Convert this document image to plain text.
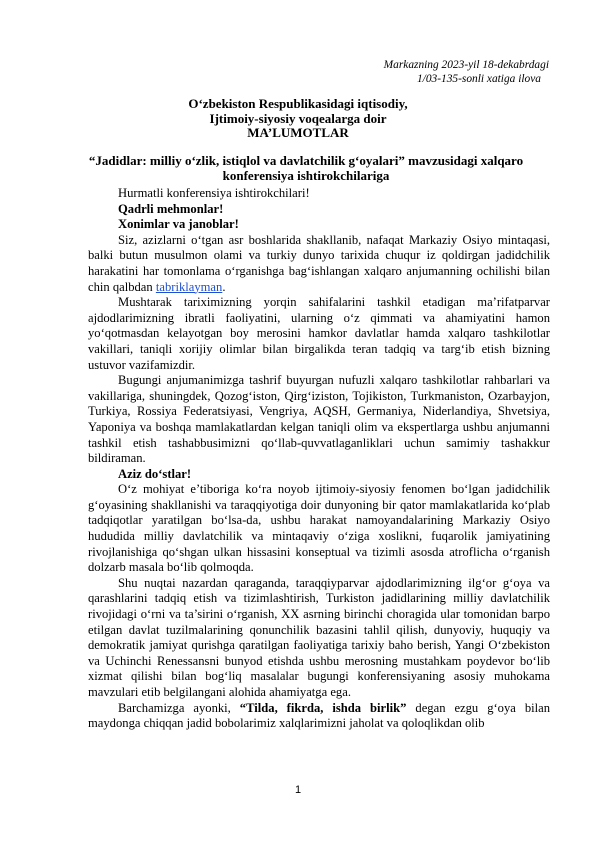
Markazning 2023-yil 18-dekabrdagi
1/03-135-sonli xatiga ilova
O‘zbekiston Respublikasidagi iqtisodiy,
Ijtimoiy-siyosiy voqealarga doir
MA’LUMOTLAR
“Jadidlar: milliy o‘zlik, istiqlol va davlatchilik g‘oyalari” mavzusidagi xalqaro konferensiya ishtirokchilariga

Hurmatli konferensiya ishtirokchilari!

Qadrli mehmonlar!

Xonimlar va janoblar!

Siz, azizlarni o‘tgan asr boshlarida shakllanib, nafaqat Markaziy Osiyo mintaqasi, balki butun musulmon olami va turkiy dunyo tarixida chuqur iz qoldirgan jadidchilik harakatini har tomonlama o‘rganishga bag‘ishlangan xalqaro anjumanning ochilishi bilan chin qalbdan tabriklayman.

Mushtarak tariximizning yorqin sahifalarini tashkil etadigan ma’rifatparvar ajdodlarimizning ibratli faoliyatini, ularning o‘z qimmati va ahamiyatini hamon yo‘qotmasdan kelayotgan boy merosini hamkor davlatlar hamda xalqaro tashkilotlar vakillari, taniqli xorijiy olimlar bilan birgalikda teran tadqiq va targ‘ib etish bizning ustuvor vazifamizdir.

Bugungi anjumanimizga tashrif buyurgan nufuzli xalqaro tashkilotlar rahbarlari va vakillariga, shuningdek, Qozog‘iston, Qirg‘iziston, Tojikiston, Turkmaniston, Ozarbayjon, Turkiya, Rossiya Federatsiyasi, Vengriya, AQSH, Germaniya, Niderlandiya, Shvetsiya, Yaponiya va boshqa mamlakatlardan kelgan taniqli olim va ekspertlarga ushbu anjumanni tashkil etish tashabbusimizni qo‘llab-quvvatlaganliklari uchun samimiy tashakkur bildiraman.

Aziz do‘stlar!

O‘z mohiyat e’tiboriga ko‘ra noyob ijtimoiy-siyosiy fenomen bo‘lgan jadidchilik g‘oyasining shakllanishi va taraqqiyotiga doir dunyoning bir qator mamlakatlarida ko‘plab tadqiqotlar yaratilgan bo‘lsa-da, ushbu harakat namoyandalarining Markaziy Osiyo hududida milliy davlatchilik va mintaqaviy o‘ziga xoslikni, fuqarolik jamiyatining rivojlanishiga qo‘shgan ulkan hissasini konseptual va tizimli asosda atroflicha o‘rganish dolzarb masala bo‘lib qolmoqda.

Shu nuqtai nazardan qaraganda, taraqqiyparvar ajdodlarimizning ilg‘or g‘oya va qarashlarini tadqiq etish va tizimlashtirish, Turkiston jadidlarining milliy davlatchilik rivojidagi o‘rni va ta’sirini o‘rganish, XX asrning birinchi choragida ular tomonidan barpo etilgan davlat tuzilmalarining qonunchilik bazasini tahlil qilish, dunyoviy, huquqiy va demokratik jamiyat qurishga qaratilgan faoliyatiga tarixiy baho berish, Yangi O‘zbekiston va Uchinchi Renessansni bunyod etishda ushbu merosning mustahkam poydevor bo‘lib xizmat qilishi bilan bog‘liq masalalar bugungi konferensiyaning asosiy muhokama mavzulari etib belgilangani alohida ahamiyatga ega.

Barchamizga ayonki, “Tilda, fikrda, ishda birlik” degan ezgu g‘oya bilan maydonga chiqqan jadid bobolarimiz xalqlarimizni jaholat va qoloqlikdan olib

1
